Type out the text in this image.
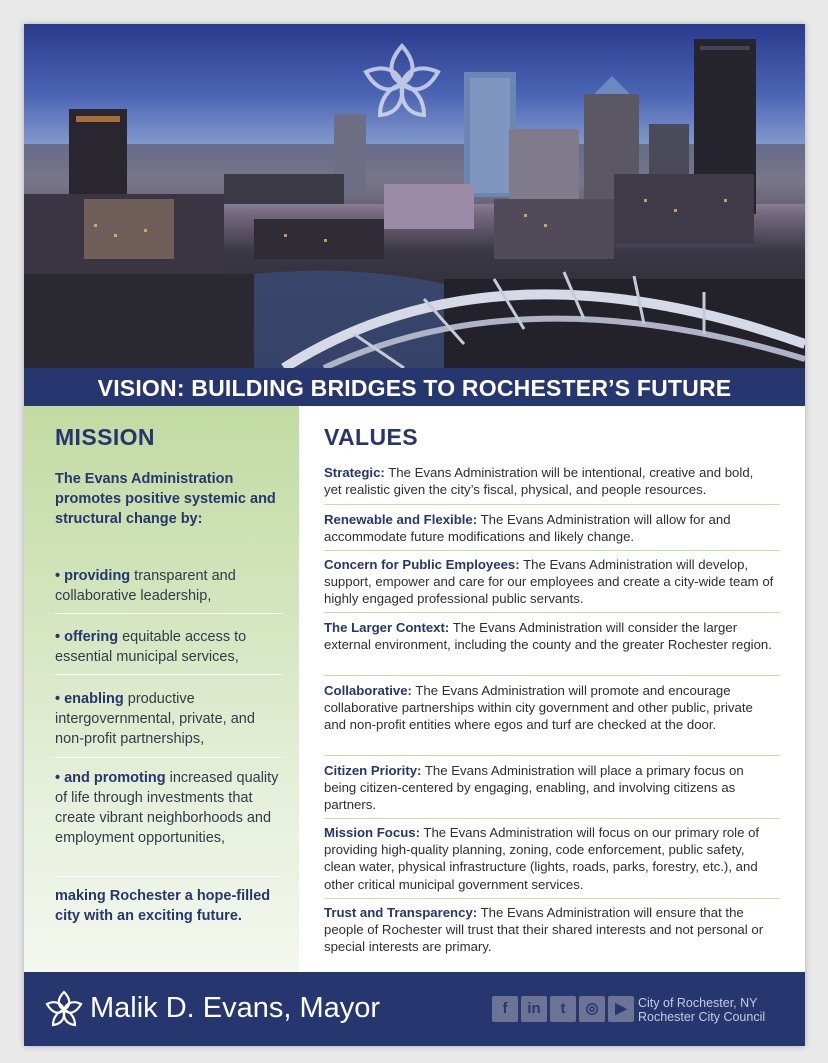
VISION: BUILDING BRIDGES TO ROCHESTER’S FUTURE
MISSION
The Evans Administration promotes positive systemic and structural change by:
• providing transparent and collaborative leadership,
• offering equitable access to essential municipal services,
• enabling productive intergovernmental, private, and non-profit partnerships,
• and promoting increased quality of life through investments that create vibrant neighborhoods and employment opportunities,
making Rochester a hope-filled city with an exciting future.
VALUES
Strategic: The Evans Administration will be intentional, creative and bold, yet realistic given the city’s fiscal, physical, and people resources.
Renewable and Flexible: The Evans Administration will allow for and accommodate future modifications and likely change.
Concern for Public Employees: The Evans Administration will develop, support, empower and care for our employees and create a city-wide team of highly engaged professional public servants.
The Larger Context: The Evans Administration will consider the larger external environment, including the county and the greater Rochester region.
Collaborative: The Evans Administration will promote and encourage collaborative partnerships within city government and other public, private and non-profit entities where egos and turf are checked at the door.
Citizen Priority: The Evans Administration will place a primary focus on being citizen-centered by engaging, enabling, and involving citizens as partners.
Mission Focus: The Evans Administration will focus on our primary role of providing high-quality planning, zoning, code enforcement, public safety, clean water, physical infrastructure (lights, roads, parks, forestry, etc.), and other critical municipal government services.
Trust and Transparency: The Evans Administration will ensure that the people of Rochester will trust that their shared interests and not personal or special interests are primary.
Malik D. Evans, Mayor	f	in	t	◎	▶ City of Rochester, NY
Rochester City Council
